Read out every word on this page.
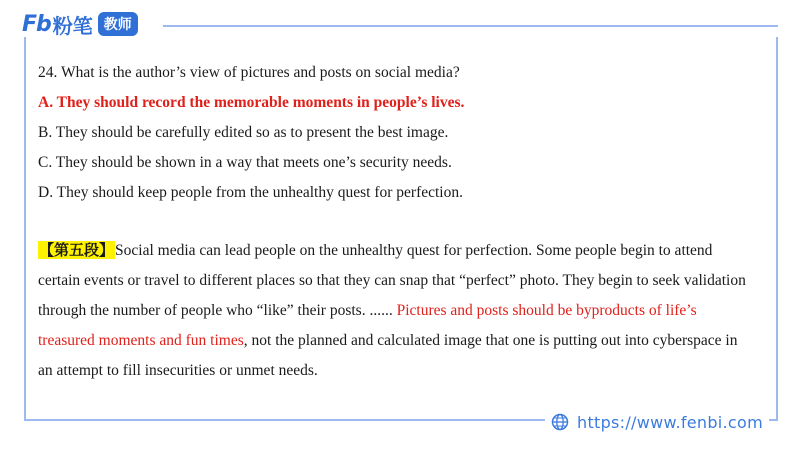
Fb 粉笔 教师
24. What is the author’s view of pictures and posts on social media?
A. They should record the memorable moments in people’s lives.
B. They should be carefully edited so as to present the best image.
C. They should be shown in a way that meets one’s security needs.
D. They should keep people from the unhealthy quest for perfection.
【第五段】Social media can lead people on the unhealthy quest for perfection. Some people begin to attend certain events or travel to different places so that they can snap that “perfect” photo. They begin to seek validation through the number of people who “like” their posts. ...... Pictures and posts should be byproducts of life’s treasured moments and fun times, not the planned and calculated image that one is putting out into cyberspace in an attempt to fill insecurities or unmet needs.
https://www.fenbi.com
